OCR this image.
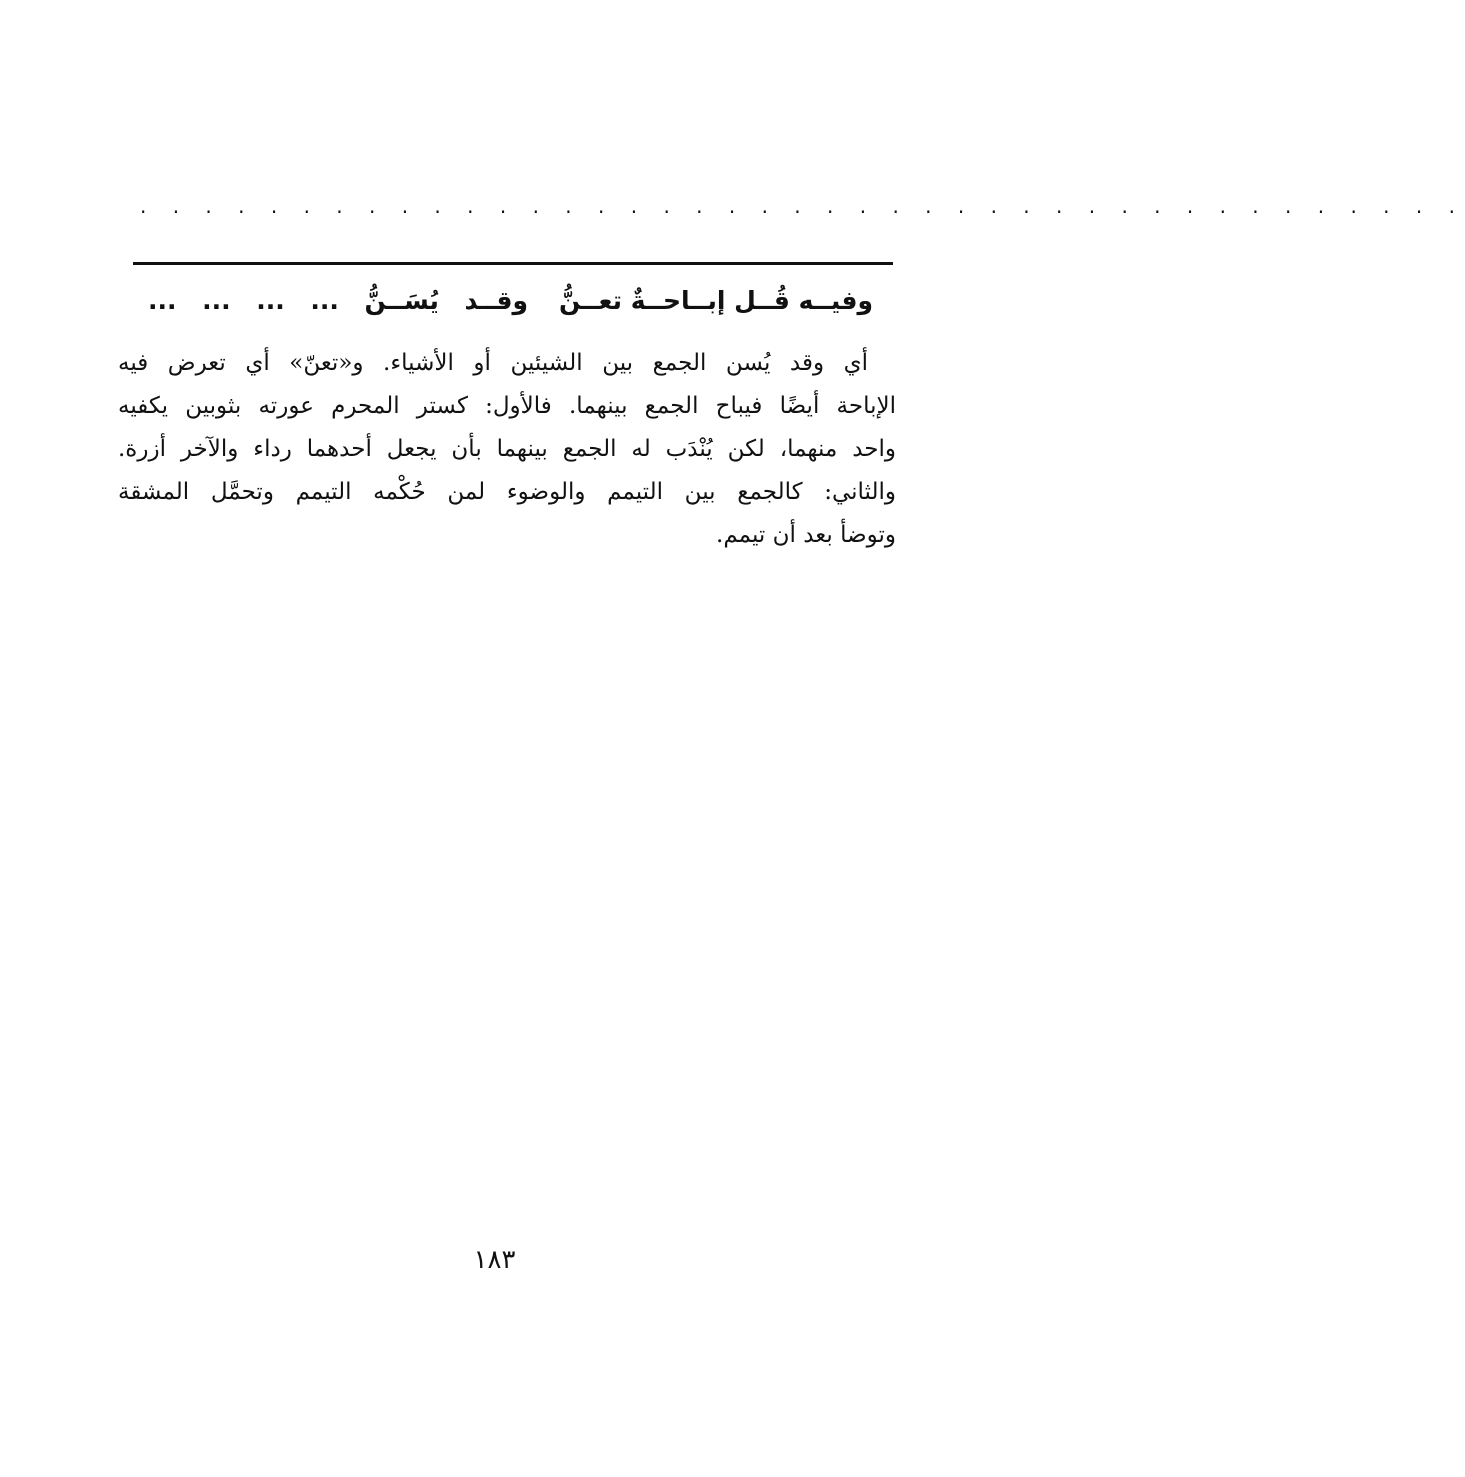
. . . . . . . . . . . . . . . . . . . . . . . . . . . . . . . . . . . . . . . . .
وفيــه قُــل إبــاحــةٌ تعــنُّوقــد يُسَــنُّ ... ... ... ...
أي وقد يُسن الجمع بين الشيئين أو الأشياء. و«تعنّ» أي تعرض فيه
الإباحة أيضًا فيباح الجمع بينهما. فالأول: كستر المحرم عورته بثوبين يكفيه
واحد منهما، لكن يُنْدَب له الجمع بينهما بأن يجعل أحدهما رداء والآخر أزرة.
والثاني: كالجمع بين التيمم والوضوء لمن حُكْمه التيمم وتحمَّل المشقة
وتوضأ بعد أن تيمم.
١٨٣
